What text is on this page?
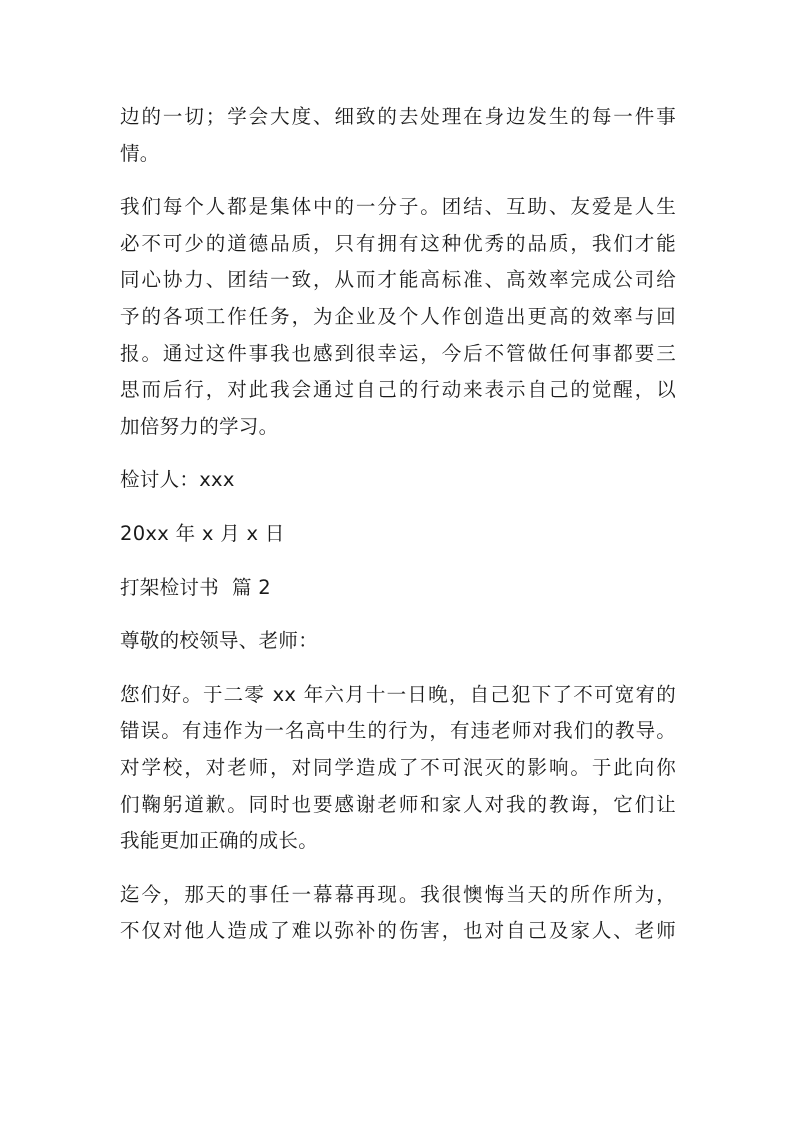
边的一切；学会大度、细致的去处理在身边发生的每一件事
情。
我们每个人都是集体中的一分子。团结、互助、友爱是人生
必不可少的道德品质，只有拥有这种优秀的品质，我们才能
同心协力、团结一致，从而才能高标准、高效率完成公司给
予的各项工作任务，为企业及个人作创造出更高的效率与回
报。通过这件事我也感到很幸运，今后不管做任何事都要三
思而后行，对此我会通过自己的行动来表示自己的觉醒，以
加倍努力的学习。
检讨人：xxx
20xx 年 x 月 x 日
打架检讨书  篇 2
尊敬的校领导、老师：
您们好。于二零 xx 年六月十一日晚，自己犯下了不可宽宥的
错误。有违作为一名高中生的行为，有违老师对我们的教导。
对学校，对老师，对同学造成了不可泯灭的影响。于此向你
们鞠躬道歉。同时也要感谢老师和家人对我的教诲，它们让
我能更加正确的成长。
迄今，那天的事任一幕幕再现。我很懊悔当天的所作所为，
不仅对他人造成了难以弥补的伤害，也对自己及家人、老师
